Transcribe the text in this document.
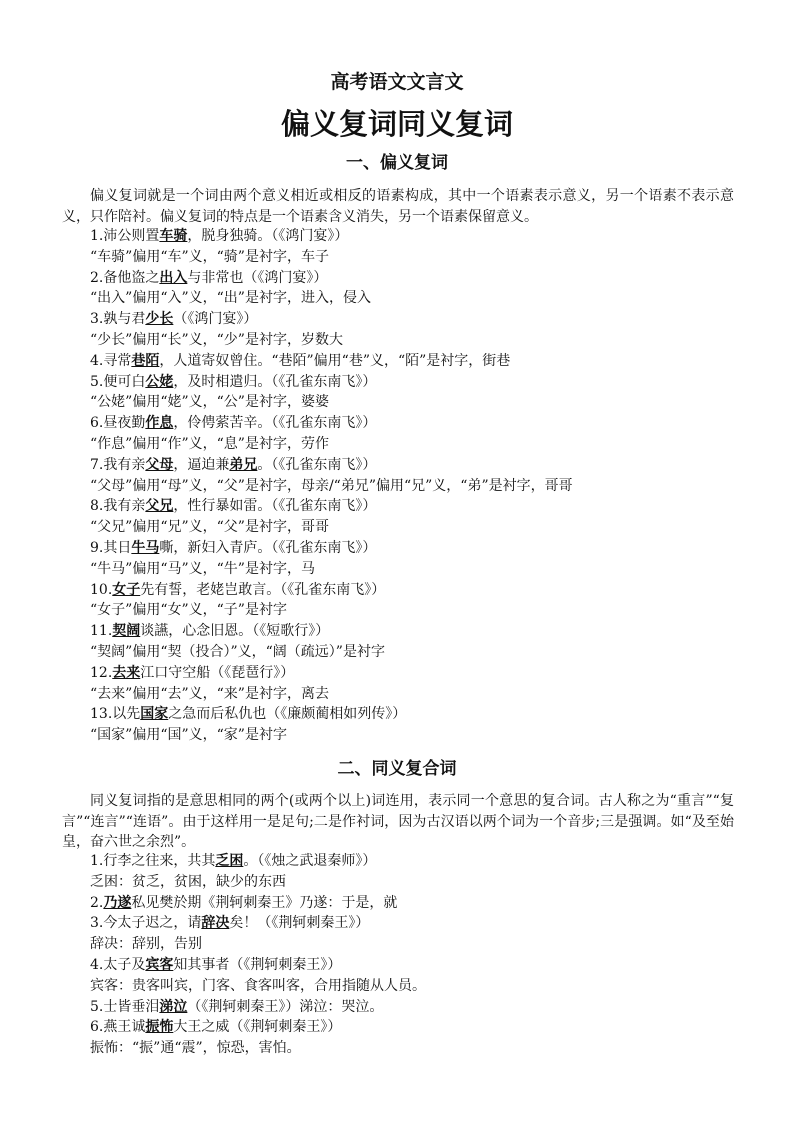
高考语文文言文
偏义复词同义复词
一、偏义复词
偏义复词就是一个词由两个意义相近或相反的语素构成，其中一个语素表示意义，另一个语素不表示意义，只作陪衬。偏义复词的特点是一个语素含义消失，另一个语素保留意义。
1.沛公则置车骑，脱身独骑。（《鸿门宴》）
“车骑”偏用“车”义，“骑”是衬字，车子
2.备他盗之出入与非常也（《鸿门宴》）
“出入”偏用“入”义，“出”是衬字，进入，侵入
3.孰与君少长（《鸿门宴》）
“少长”偏用“长”义，“少”是衬字，岁数大
4.寻常巷陌，人道寄奴曾住。“巷陌”偏用“巷”义，“陌”是衬字，街巷
5.便可白公姥，及时相遣归。（《孔雀东南飞》）
“公姥”偏用“姥”义，“公”是衬字，婆婆
6.昼夜勤作息，伶俜萦苦辛。（《孔雀东南飞》）
“作息”偏用“作”义，“息”是衬字，劳作
7.我有亲父母，逼迫兼弟兄。（《孔雀东南飞》）
“父母”偏用“母”义，“父”是衬字，母亲/“弟兄”偏用“兄”义，“弟”是衬字，哥哥
8.我有亲父兄，性行暴如雷。（《孔雀东南飞》）
“父兄”偏用“兄”义，“父”是衬字，哥哥
9.其日牛马嘶，新妇入青庐。（《孔雀东南飞》）
“牛马”偏用“马”义，“牛”是衬字，马
10.女子先有誓，老姥岂敢言。（《孔雀东南飞》）
“女子”偏用“女”义，“子”是衬字
11.契阔谈讌，心念旧恩。（《短歌行》）
“契阔”偏用“契（投合）”义，“阔（疏远）”是衬字
12.去来江口守空船（《琵琶行》）
“去来”偏用“去”义，“来”是衬字，离去
13.以先国家之急而后私仇也（《廉颇蔺相如列传》）
“国家”偏用“国”义，“家”是衬字
二、同义复合词
同义复词指的是意思相同的两个(或两个以上)词连用，表示同一个意思的复合词。古人称之为“重言”“复言”“连言”“连语”。由于这样用一是足句;二是作衬词，因为古汉语以两个词为一个音步;三是强调。如“及至始皇，奋六世之余烈”。
1.行李之往来，共其乏困。（《烛之武退秦师》）
乏困：贫乏，贫困，缺少的东西
2.乃遂私见樊於期《荆轲刺秦王》乃遂：于是，就
3.今太子迟之，请辞决矣！（《荆轲刺秦王》）
辞决：辞别，告别
4.太子及宾客知其事者（《荆轲刺秦王》）
宾客：贵客叫宾，门客、食客叫客，合用指随从人员。
5.士皆垂泪涕泣（《荆轲刺秦王》）涕泣：哭泣。
6.燕王诚振怖大王之威（《荆轲刺秦王》）
振怖：“振”通“震”，惊恐，害怕。
